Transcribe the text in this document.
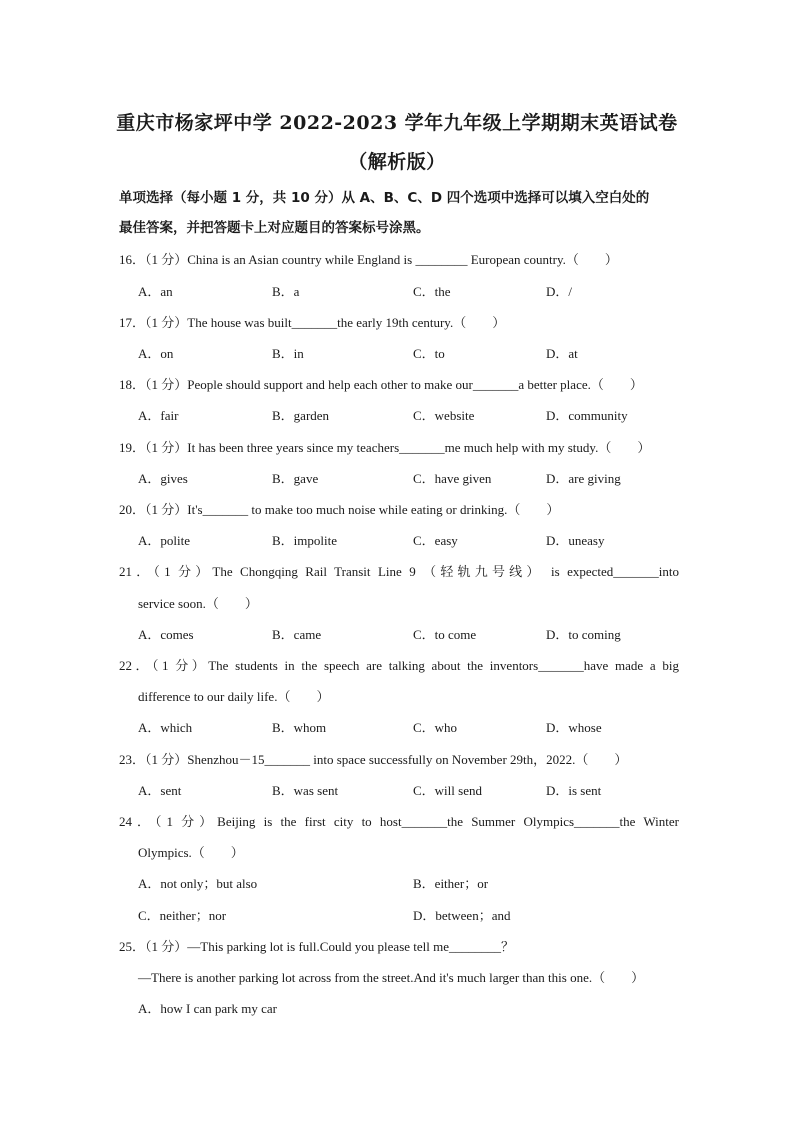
重庆市杨家坪中学 2022-2023 学年九年级上学期期末英语试卷
（解析版）
单项选择（每小题 1 分，共 10 分）从 A、B、C、D 四个选项中选择可以填入空白处的
最佳答案，并把答题卡上对应题目的答案标号涂黑。
16．（1 分）China is an Asian country while England is ________ European country.（　　）
A．an	B．a	C．the	D．/
17．（1 分）The house was built_______the early 19th century.（　　）
A．on	B．in	C．to	D．at
18．（1 分）People should support and help each other to make our_______a better place.（　　）
A．fair	B．garden	C．website	D．community
19．（1 分）It has been three years since my teachers_______me much help with my study.（　　）
A．gives	B．gave	C．have given	D．are giving
20．（1 分）It's_______ to make too much noise while eating or drinking.（　　）
A．polite	B．impolite	C．easy	D．uneasy
21．（1 分）The Chongqing Rail Transit Line 9 （轻轨九号线） is expected_______into
service soon.（　　）
A．comes	B．came	C．to come	D．to coming
22．（1 分）The students in the speech are talking about the inventors_______have made a big
difference to our daily life.（　　）
A．which	B．whom	C．who	D．whose
23．（1 分）Shenzhou－15_______ into space successfully on November 29th，2022.（　　）
A．sent	B．was sent	C．will send	D．is sent
24．（1 分）Beijing is the first city to host_______the Summer Olympics_______the Winter
Olympics.（　　）
A．not only；but also	B．either；or
C．neither；nor	D．between；and
25．（1 分）—This parking lot is full.Could you please tell me________？
—There is another parking lot across from the street.And it's much larger than this one.（　　）
A．how I can park my car
